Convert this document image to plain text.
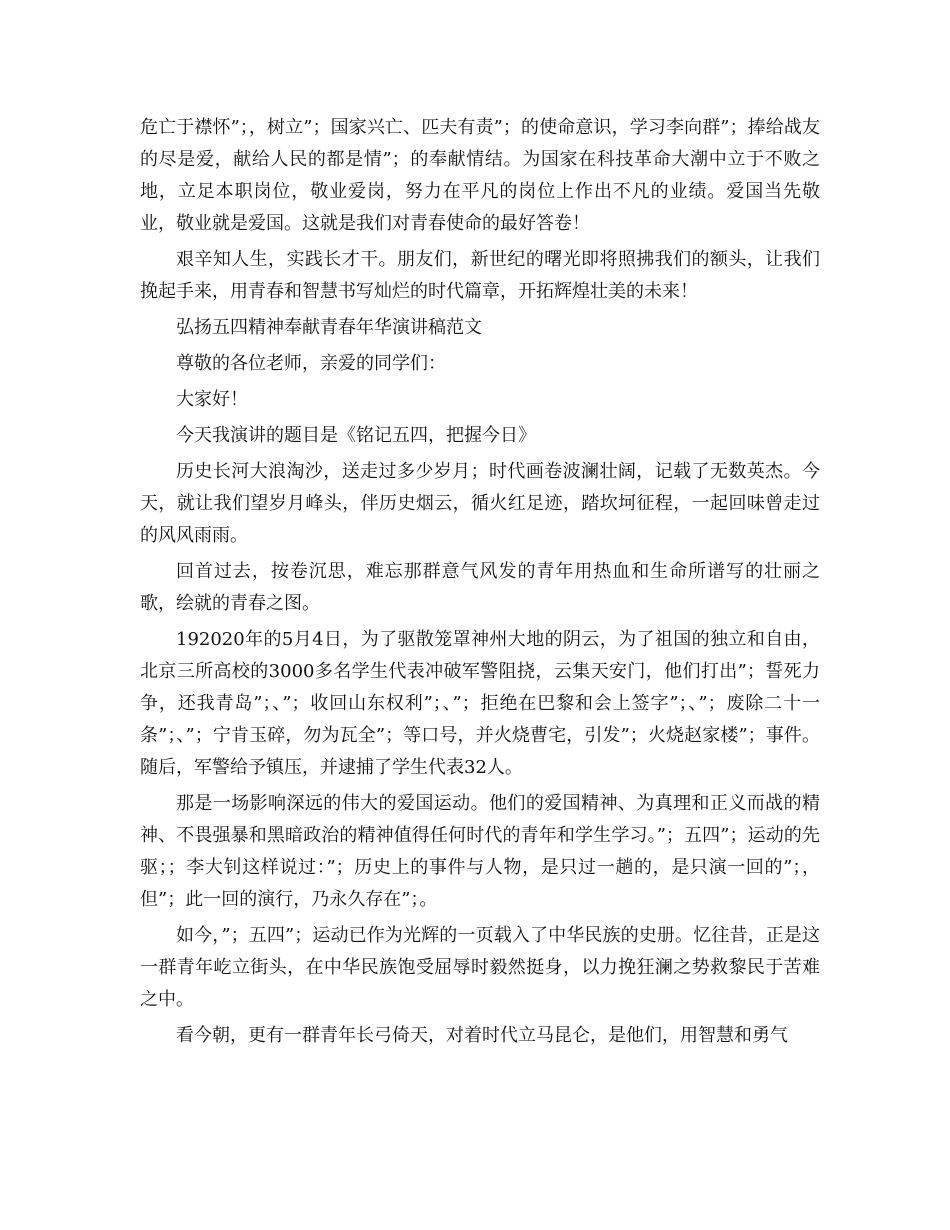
危亡于襟怀”；，树立”；国家兴亡、匹夫有责”；的使命意识，学习李向群”；捧给战友的尽是爱，献给人民的都是情”；的奉献情结。为国家在科技革命大潮中立于不败之地，立足本职岗位，敬业爱岗，努力在平凡的岗位上作出不凡的业绩。爱国当先敬业，敬业就是爱国。这就是我们对青春使命的最好答卷！

艰辛知人生，实践长才干。朋友们，新世纪的曙光即将照拂我们的额头，让我们挽起手来，用青春和智慧书写灿烂的时代篇章，开拓辉煌壮美的未来！

弘扬五四精神奉献青春年华演讲稿范文

尊敬的各位老师，亲爱的同学们：

大家好！

今天我演讲的题目是《铭记五四，把握今日》

历史长河大浪淘沙，送走过多少岁月；时代画卷波澜壮阔，记载了无数英杰。今天，就让我们望岁月峰头，伴历史烟云，循火红足迹，踏坎坷征程，一起回味曾走过的风风雨雨。

回首过去，按卷沉思，难忘那群意气风发的青年用热血和生命所谱写的壮丽之歌，绘就的青春之图。

192020年的5月4日，为了驱散笼罩神州大地的阴云，为了祖国的独立和自由，北京三所高校的3000多名学生代表冲破军警阻挠，云集天安门，他们打出”；誓死力争，还我青岛”；、”；收回山东权利”；、”；拒绝在巴黎和会上签字”；、”；废除二十一条”；、”；宁肯玉碎，勿为瓦全”；等口号，并火烧曹宅，引发”；火烧赵家楼”；事件。随后，军警给予镇压，并逮捕了学生代表32人。

那是一场影响深远的伟大的爱国运动。他们的爱国精神、为真理和正义而战的精神、不畏强暴和黑暗政治的精神值得任何时代的青年和学生学习。”；五四”；运动的先驱；；李大钊这样说过：”；历史上的事件与人物，是只过一趟的，是只演一回的”；，但”；此一回的演行，乃永久存在”；。

如今，”；五四”；运动已作为光辉的一页载入了中华民族的史册。忆往昔，正是这一群青年屹立街头，在中华民族饱受屈辱时毅然挺身，以力挽狂澜之势救黎民于苦难之中。

看今朝，更有一群青年长弓倚天，对着时代立马昆仑，是他们，用智慧和勇气
